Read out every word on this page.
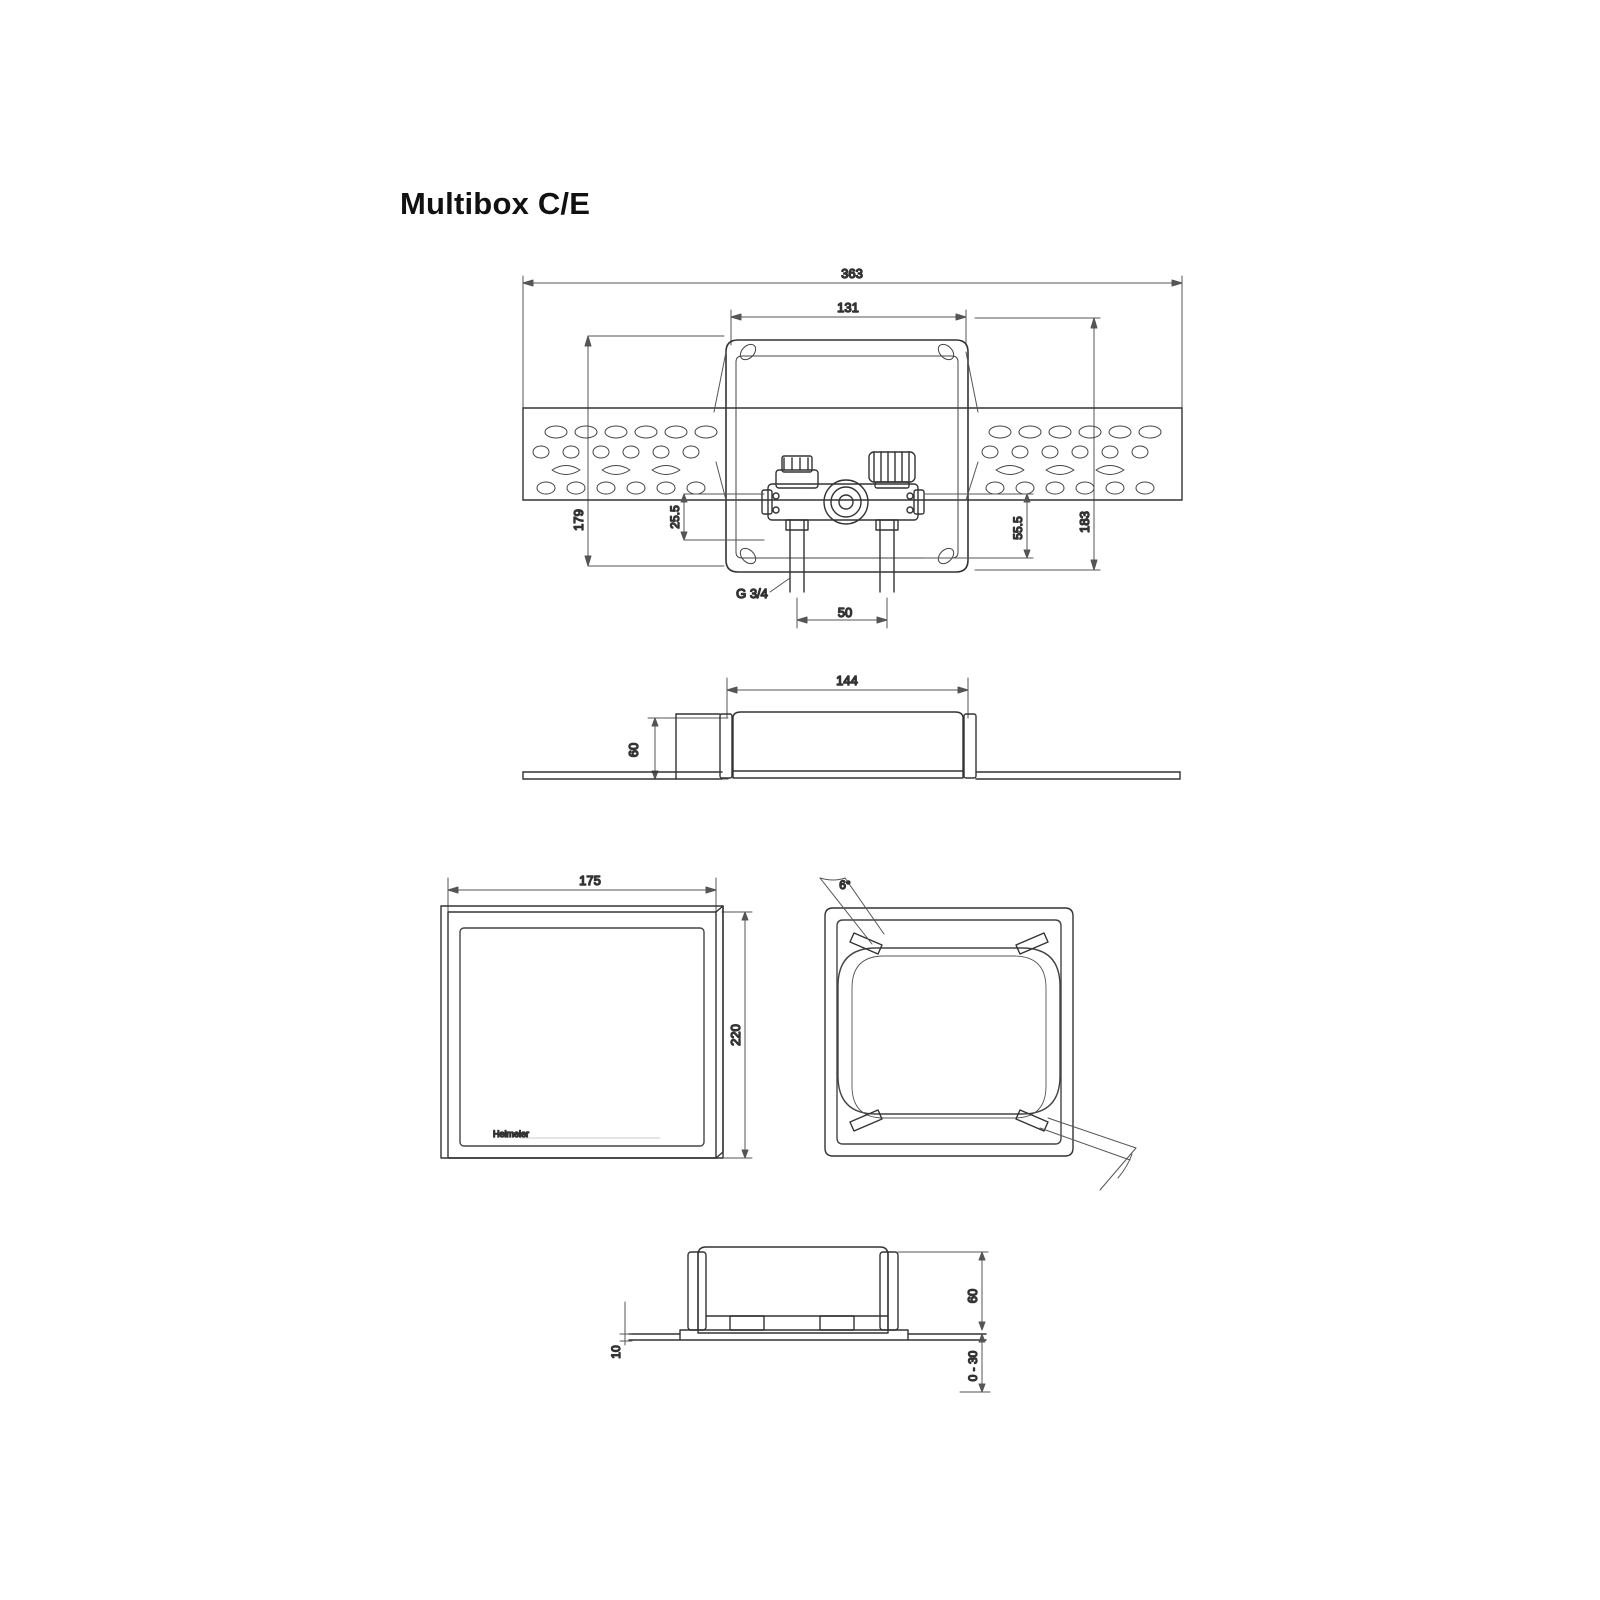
Multibox C/E
363
131
179	183
25.5	55.5
G 3/4
50
144
60
175
220
Heimeier
6°
60
10	0 - 30
